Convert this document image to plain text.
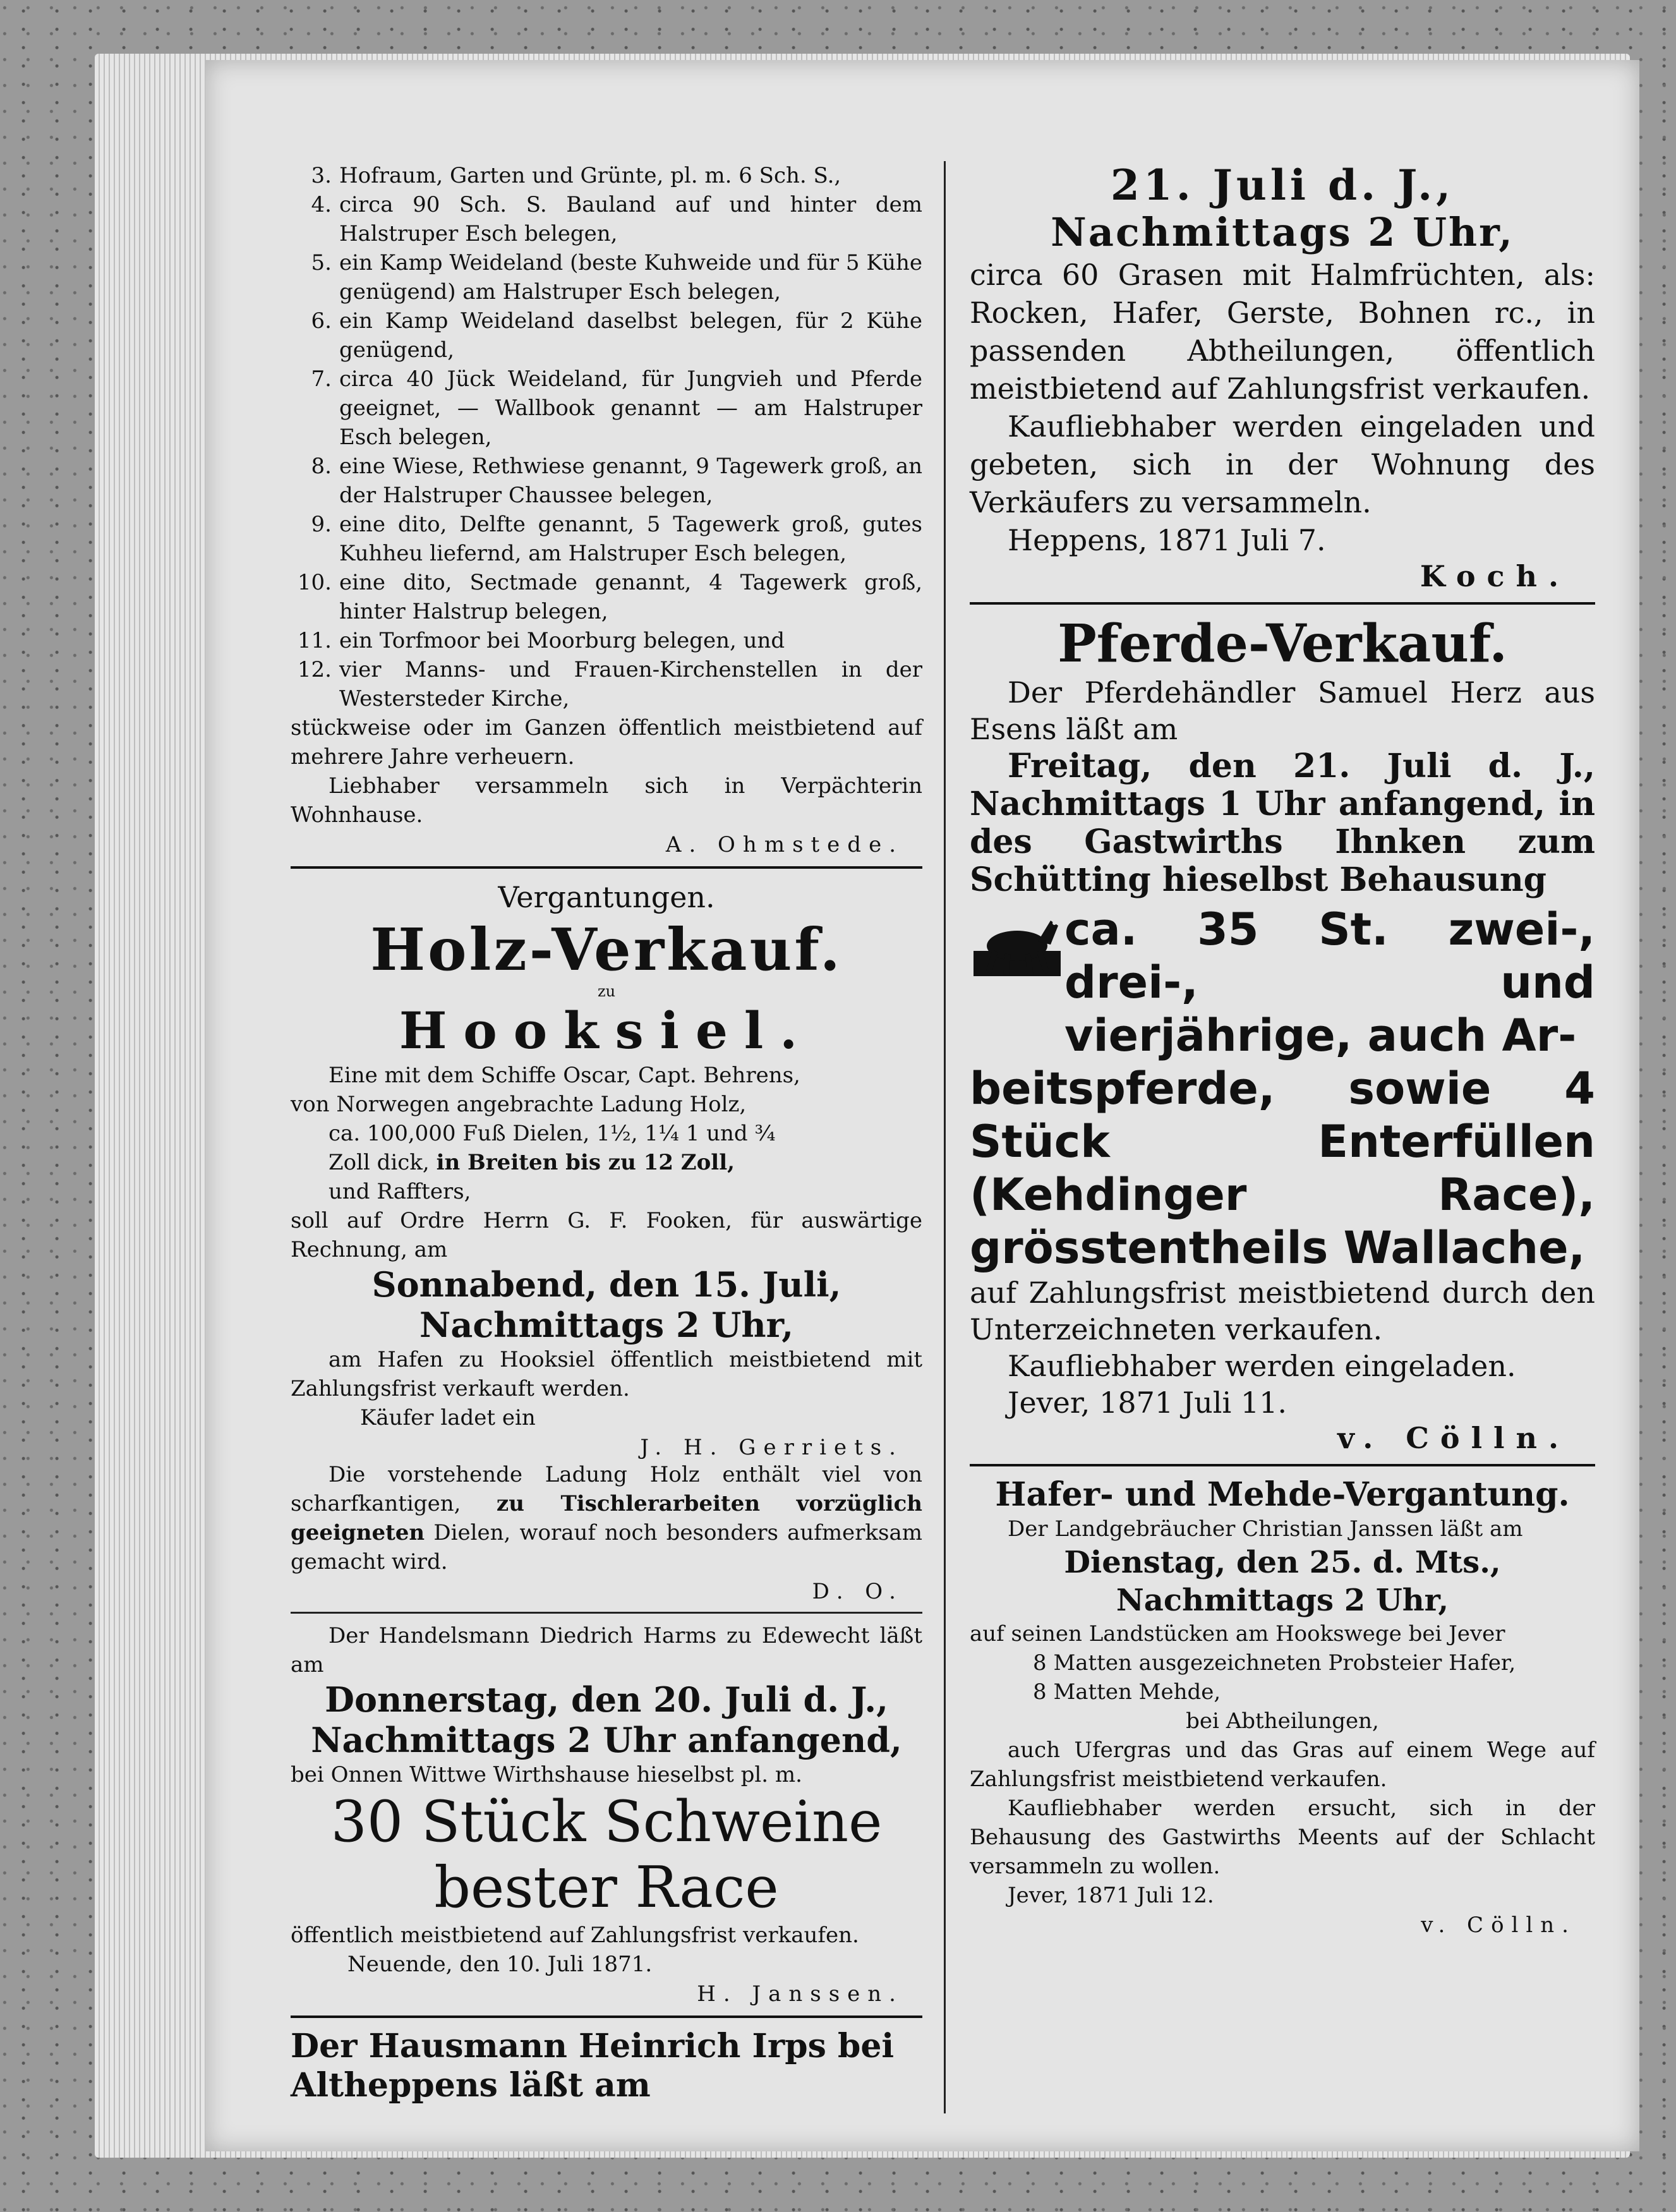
3. Hofraum, Garten und Grünte, pl. m. 6 Sch. S.,
4. circa 90 Sch. S. Bauland auf und hinter dem Halstruper Esch belegen,
5. ein Kamp Weideland (beste Kuhweide und für 5 Kühe genügend) am Halstruper Esch belegen,
6. ein Kamp Weideland daselbst belegen, für 2 Kühe genügend,
7. circa 40 Jück Weideland, für Jungvieh und Pferde geeignet, — Wallbook genannt — am Halstruper Esch belegen,
8. eine Wiese, Rethwiese genannt, 9 Tagewerk groß, an der Halstruper Chaussee belegen,
9. eine dito, Delfte genannt, 5 Tagewerk groß, gutes Kuhheu liefernd, am Halstruper Esch belegen,
10. eine dito, Sectmade genannt, 4 Tagewerk groß, hinter Halstrup belegen,
11. ein Torfmoor bei Moorburg belegen, und
12. vier Manns- und Frauen-Kirchenstellen in der Westersteder Kirche,
stückweise oder im Ganzen öffentlich meistbietend auf mehrere Jahre verheuern.
Liebhaber versammeln sich in Verpächterin Wohnhause.
A. Ohmstede.
Vergantungen.
Holz-Verkauf.
zu
Hooksiel.
Eine mit dem Schiffe Oscar, Capt. Behrens,
von Norwegen angebrachte Ladung Holz,
ca. 100,000 Fuß Dielen, 1½, 1¼ 1 und ¾
Zoll dick, in Breiten bis zu 12 Zoll,
und Raffters,
soll auf Ordre Herrn G. F. Fooken, für auswärtige Rechnung, am
Sonnabend, den 15. Juli,
Nachmittags 2 Uhr,
am Hafen zu Hooksiel öffentlich meistbietend mit Zahlungsfrist verkauft werden.
Käufer ladet ein
J. H. Gerriets.
Die vorstehende Ladung Holz enthält viel von scharfkantigen, zu Tischlerarbeiten vorzüglich geeigneten Dielen, worauf noch besonders aufmerksam gemacht wird.
D. O.
Der Handelsmann Diedrich Harms zu Edewecht läßt am
Donnerstag, den 20. Juli d. J.,
Nachmittags 2 Uhr anfangend,
bei Onnen Wittwe Wirthshause hieselbst pl. m.
30 Stück Schweine bester Race
öffentlich meistbietend auf Zahlungsfrist verkaufen.
Neuende, den 10. Juli 1871.
H. Janssen.
Der Hausmann Heinrich Irps bei Altheppens läßt am
21. Juli d. J.,
Nachmittags 2 Uhr,
circa 60 Grasen mit Halmfrüchten, als: Rocken, Hafer, Gerste, Bohnen rc., in passenden Abtheilungen, öffentlich meistbietend auf Zahlungsfrist verkaufen.
Kaufliebhaber werden eingeladen und gebeten, sich in der Wohnung des Verkäufers zu versammeln.
Heppens, 1871 Juli 7.
Koch.
Pferde-Verkauf.
Der Pferdehändler Samuel Herz aus Esens läßt am
Freitag, den 21. Juli d. J., Nachmittags 1 Uhr anfangend, in des Gastwirths Ihnken zum Schütting hieselbst Behausung
ca. 35 St. zwei-, drei-, und vierjährige, auch Ar-
beitspferde, sowie 4 Stück Enterfüllen (Kehdinger Race), grösstentheils Wallache,
auf Zahlungsfrist meistbietend durch den Unterzeichneten verkaufen.
Kaufliebhaber werden eingeladen.
Jever, 1871 Juli 11.
v. Cölln.
Hafer- und Mehde-Vergantung.
Der Landgebräucher Christian Janssen läßt am
Dienstag, den 25. d. Mts.,
Nachmittags 2 Uhr,
auf seinen Landstücken am Hookswege bei Jever
8 Matten ausgezeichneten Probsteier Hafer,
8 Matten Mehde,
bei Abtheilungen,
auch Ufergras und das Gras auf einem Wege auf Zahlungsfrist meistbietend verkaufen.
Kaufliebhaber werden ersucht, sich in der Behausung des Gastwirths Meents auf der Schlacht versammeln zu wollen.
Jever, 1871 Juli 12.
v. Cölln.
